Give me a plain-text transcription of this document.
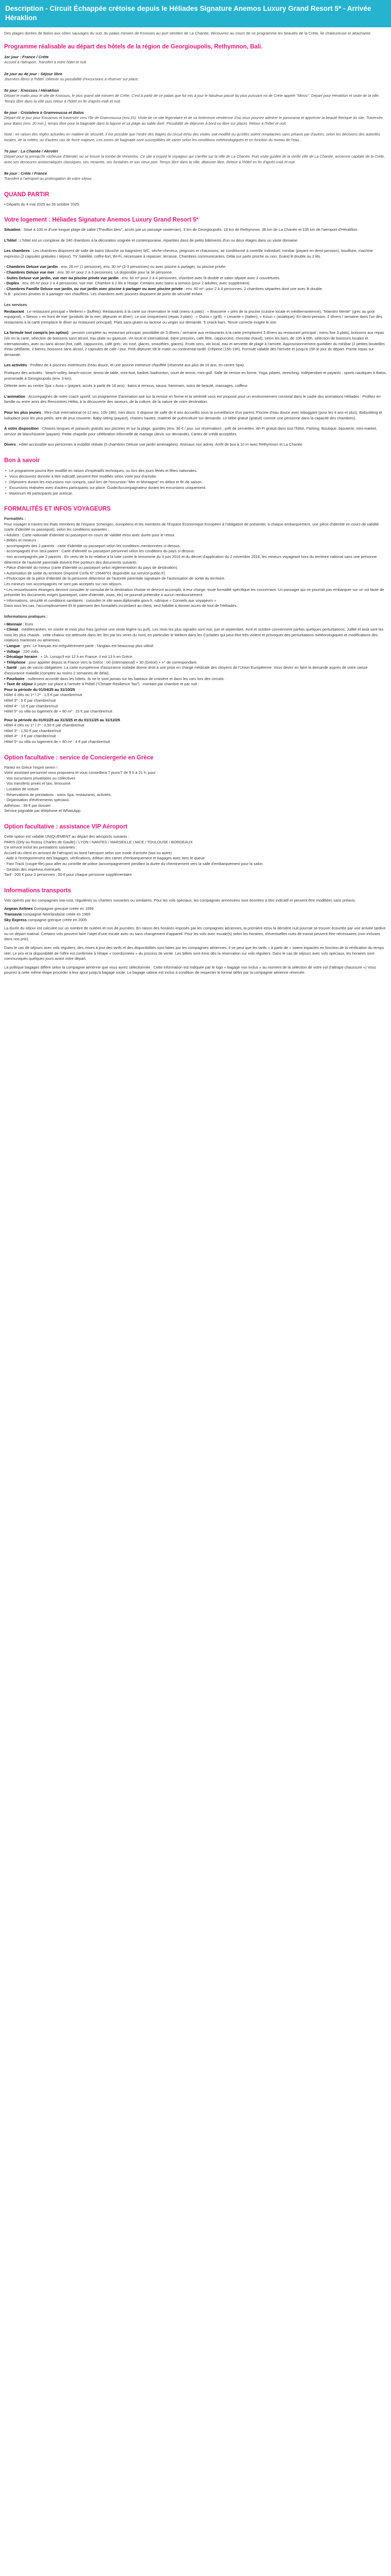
Description - Circuit Échappée crétoise depuis le Héliades Signature Anemos Luxury Grand Resort 5* - Arrivée Héraklion
Des plages dorées de Balos aux côtes sauvages du sud, du palais minoen de Knossos au port vénitien de La Chanée, découvrez au cours de ce programme les beautés de la Crète, lle chaleureuse et attachante.
Programme réalisable au départ des hôtels de la région de Georgioupolis, Rethymnon, Bali.
1er jour : France / Crète
Accueil à l'aéroport. Transfert à votre hôtel et nuit.
2e jour au 4e jour : Séjour libre
Journées libres à l'hôtel. Détente ou possibilité d'excursions à réserver sur place.
5e jour : Knossos / Héraklion
Départ le matin pour le site de Knossos, le plus grand site minoen de Crète. C'est à partir de ce palais que fut mis à jour le fabuleux passé du plus puissant roi de Crète appelé "Minos". Départ pour Héraklion et visite de la ville. Temps libre dans la ville puis retour à l'hôtel en fin d'après-midi et nuit.
6e jour : Cristalera à Gramvoussa et Balos
Départ tôt le jour pour Kissamos et traversée vers l'île de Gramvoussa (env.1h). Visite de ce site légendaire et de sa forteresse vénitienne d'où vous pourrez admirer le panorama et apprécier la beauté féerique du site. Traversée pour Balos (env. 20 min.), temps libre pour la baignade dans la lagune et sa plage au sable doré. Possibilité de déjeuner à bord ou libre sur place). Retour à l'hôtel et nuit.
Note : en raison des règles actuelles en matière de sécurité, il est possible que l'ordre des étapes du circuit et/ou des visites soit modifié ou qu'elles soient remplacées sans préavis par d'autres, selon les décisions des autorités locales, de la météo, ou d'autres cas de force majeure. Les zones de baignade sont susceptibles de varier selon les conditions météorologiques et en fonction du niveau de l'eau...
7e jour : La Chanée / Akrotiri
Départ pour la presqu'île rocheuse d'Akrotiri, où se trouve la tombe de Venizelos. Ce site a inspiré le voyageur qui s'arrête sur la ville de La Chanée. Puis visite guidée de la vieille ville de La Chanée, ancienne capitale de la Crète, avec ses demeures aristocratiques classiques, ses minarets, ses fontaines et son vieux port. Temps libre dans la ville, déjeuner libre. Retour à l'hôtel en fin d'après-midi et nuit.
8e jour : Crète / France
Transfert à l'aéroport ou prolongation de votre séjour.
QUAND PARTIR

• Départs du 4 mai 2025 au 26 octobre 2025.

Votre logement : Héliades Signature Anemos Luxury Grand Resort 5*

Situation : Situé à 100 m d'une longue plage de sable ("Pavillon bleu", accès par un passage souterrain), 3 km de Georgioupolis, 19 km de Rethymnon, 36 km de La Chanée et 105 km de l'aéroport d'Héraklion.

L'hôtel : L'hôtel est un complexe de 240 chambres à la décoration soignée et contemporaine, répartites dans de petits bâtiments d'un ou deux étages dans un vaste domaine.

Les chambres : Les chambres disposent de salle de bains (douche ou baignoire) WC, sèche-cheveux, peignoirs et chaussons, air conditionné à contrôle individuel, minibar (payant en demi-pension), bouilloire, machine expresso (2 capsules gratuites / séjour), TV Satellite, coffre-fort, Wi-Fi, nécessaire à repasser, terrasse. Chambres communicantes. Délai sur partir proche ou non. Grand lit double ou 2 lits.

- Chambres Deluxe vue jardin : env. 26 m² (1 personne), env. 30 m² (2-3 personnes) ou avec piscine à partager, ou piscine privée.
- Chambres Deluxe vue mer : env. 30 m² pour 2 à 3 personnes. Lit disponible pour la 3è personne.
- Suites Deluxe vue jardin, vue mer ou piscine privée vue jardin : env. 60 m² pour 2 à 4 personnes, chambre avec lit double et salon séparé avec 2 couvertures.
- Duplex : env. 65 m² pour 2 à 4 personnes, vue mer. Chambre à 2 lits à l'étage. Certains avec bains a remous (pour 2 adultes, avec supplément).
- Chambres Famille Deluxe vue jardin, ou vue jardin avec piscine à partager ou avec piscine privée : env. 60 m², pour 2 à 4 personnes, 2 chambres séparées dont une avec lit double.
N.B : piscines privées et à partager non chauffées. Les chambres avec piscines disposent de porte de sécurité enfant.
Les services

Restaurant : Le restaurant principal « Meltemi » (buffets). Restaurants à la carte sur réservation le midi (menu à plats) : « Brasserie » près de la piscine (cuisine locale et méditerranéenne), "Maestro Mente" (grec au goût espagnol), « Siesco » en front de mer (produits de la mer, déjeuner et dîner). Le soir uniquement (repas 3 plats) : « Ostria » (grill), « Levante » (Italien), « Kouzi » (asiatique). En demi-pension, 2 dîners / semaine dans l'un des restaurants à la carte (remplace le dîner au restaurant principal). Plats sans gluten ou lactose ou vegan sur demande. 5 snack-bars. Tenue correcte exigée le soir.

La formule tout compris (en option) : pension complète au restaurant principal, possibilité de 3 dîners / semaine aux restaurants à la carte (remplacent 3 dîners au restaurant principal ; menu fixe 3 plats), boissons aux repas (vin en la carte, sélection de boissons sans alcool, eau plate ou gazeuse, vin local et international, bière pression, café filtre, cappuccino, chocolat chaud), selon les bars, de 10h à 00h, sélection de boissons locales et internationales, avec ou sans alcool (hot, café, cappuccino, café grec, vin rosé, glaces, smoothies, glaces). Fruits secs, vin local, eau et serviette de plage à l'arrivée. Approvisionnement quotidien du minibar (2 petites bouteilles d'eau pétillante, 2 bières, boissons sans alcool, 2 capsules de café / jour. Petit déjeuner tôt le matin ou continental tardif. Crêperie (15h-19h). Formule valable dès l'arrivée et jusqu'à 15h le jour du départ. Pointe repas sur demande.

Les activités : Profitez de 4 piscines extérieures d'eau douce, et une piscine intérieure chauffée (réservée aux plus de 16 ans, en centre Spa).

Pratiquez des activités : beach-volley, beach-soccer, tennis de table, mini-foot, basket, badminton, court de tennis, mini-golf. Salle de remise en forme. Yoga, pilates, stretching. Indépendant et payants : sports nautiques à Balos, promenade à Georgioupolis (env. 3 km).

Détente avec au centre Spa « Aura » (payant, accès à partir de 16 ans) : bains à remous, sauna, hammam, soins de beauté, massages, coiffeur.

L'animation : Accompagnés de notre coach sportif, un programme d'animation axé sur la remise en forme et la sérénité vous est proposé pour un environnement convivial dans le cadre des animations Héliades : Profitez en famille ou entre amis des Rencontres Héliia, à la découverte des saveurs, de la culture, de la nature de votre destination.

Pour les plus jeunes : Mini-club international (4-12 ans, 10h-18h), mini disco. Il dispose de salle de 4 ans accueillis sous la surveillance d'un parent. Piscine d'eau douce avec toboggant (pour les 4 ans et plus). Babysitting et ludoplace pour les plus petits, aire de jeux couverte. Baby-sitting (payant), chaises hautes, matériel de puériculture sur demande. Lit bébé gratuit (gratuit) comme une personne dans la capacité des chambres).

À votre disposition : Chaises longues et parasols gratuits aux piscines et sur la plage, guindes (env. 30 € / jour, sur réservation) ; prêt de serviettes. Wi-Fi gratuit dans tout l'hôtel. Parking. Boutique, bijouterie, mini-market, service de blanchisserie (payant). Petite chapelle pour célébration informelle de mariage (devis sur demande). Cartes de crédit acceptées.

Divers : Hôtel accessible aux personnes à mobilité réduite (5 chambres Deluxe vue jardin aménagées). Animaux non admis. Arrêt de bus à 10 m avec Rethymnon et La Chanée.

Bon à savoir
• Le programme pourra être modifié en raison d'impératifs techniques, ou lors des jours fériés et fêtes nationales.
• Vous découvrez donnée à titre indicatif, peuvent être modifiés selon votre jour d'arrivée.
• Déjeuners durant les excursions non compris, sauf lors de l'excursion "Mer et Montagne" en début et fin de saison.
• Excursions réalisées avec d'autres participants sur place. Guide/Accompagnateur durant les excursions uniquement.
• Maximum 49 participants par autocar.
FORMALITÉS ET INFOS VOYAGEURS
Formalités :
Pour voyager à travers les états membres de l'espace Schengen, européens et les membres de l'Espace Économique Européen à l'obligation de présenter, à chaque embarquement, une pièce d'identité en cours de validité (carte d'identité ou passeport), selon les conditions suivantes :
• Adultes : Carte nationale d'identité ou passeport en cours de validité et/ou avec durée pour le retour.
• Bébés et mineurs :
- accompagnés des 2 parents : carte d'identité ou passeport selon les conditions mentionnées ci-dessus.
- accompagnés d'un seul parent : Carte d'identité ou passeport personnel selon les conditions du pays ci-dessus.
- non accompagnés par 2 parents : En vertu de la loi relative à la lutte contre le terrorisme du 3 juin 2016 et du décret d'application du 2 novembre 2016, les mineurs voyageant hors du territoire national sans une personne détentrice de l'autorité parentale doivent être porteurs des documents suivants :
• Pièce d'identité du mineur (carte d'identité ou passeport selon réglementation du pays de destination)
• Autorisation de sortie du territoire (imprimé Cerfa N° 15646*01 disponible sur service-public.fr)
• Photocopie de la pièce d'identité de la personne détentrice de l'autorité parentale signataire de l'autorisation de sortie du territoire.
Les mineurs non accompagnés ne sont pas acceptés sur nos séjours.
• Les ressortissants étrangers devront consulter le consulat de la destination choisie et devront accomplir, à leur charge, toute formalité spécifique les concernant. Un passager qui ne pourrait pas embarquer sur un vol faute de présenter les documents exigés (passeport, carte d'identité, visas, etc) ne pourrait prétendre à aucun remboursement.
• Informations, sécurité et conditions sanitaires : consulter le site www.diplomatie.gouv.fr, rubrique « Conseils aux voyageurs »
Dans tous les cas, l'accomplissement Et le paiement des formalités incombent au client, seul habilité à donner accès de tout de l'Héliades.
Informations pratiques :
• Monnaie : Euro
• Climat : méditerranéen, en soirée et mois plus frais (prévoir une veste légère ou pull). Les mois les plus signalés sont mai, juin et septembre. Avril et octobre conviennent parfois quelques perturbations. Juillet et août sont les mois les plus chauds ; cette chaleur est atténuée dans les îles par les vents du nord, en particulier le Meltem dans les Cyclades qui peut être très violent et provoquer des perturbations météorologiques et modifications des rotations maritimes ou aériennes.
• Langue : grec. Le français est irrégulièrement parlé ; l'anglais est beaucoup plus utilisé.
• Voltage : 220 volts.
• Décalage horaire : + 1h. Lorsqu'il est 12 h en France, il est 13 h en Grèce.
• Téléphone : pour appeler depuis la France vers la Grèce : 00 (international) + 30 (Grèce) + n° de correspondant.
• Santé : pas de vaccin obligatoire. La carte européenne d'assurance maladie donne droit à une prise en charge médicale des citoyens de l'Union Européenne. Vous devez en faire la demande auprès de votre caisse d'assurance maladie (comptez au moins 2 semaines de délai).
• Pourboire : nullement accordé dans les hôtels, ils ne le sont jamais sur les bateaux de croisière et dans les cars lors des circuits.
• Taxe de séjour à payer sur place à l'arrivée à l'hôtel ("Climate Resilience Tax") : montant par chambre et par nuit :
Pour la période du 01/04/25 au 31/10/25
Hôtel 4 clés ou 1* / 2* : 1,5 € par chambre/nuit
Hôtel 3* : 5 € par chambre/nuit
Hôtel 4* : 10 € par chambre/nuit
Hôtel 5* ou villa ou logement de + 80 m² : 15 € par chambre/nuit
Pour la période du 01/01/25 au 31/3/25 et du 01/11/25 au 31/12/25
Hôtel 4 clés ou 1* / 2* : 0,50 € par chambre/nuit
Hôtel 3* : 1,50 € par chambre/nuit
Hôtel 4* : 3 € par chambre/nuit
Hôtel 5* ou villa ou logement de + 80 m² : 4 € par chambre/nuit
Option facultative : service de Conciergerie en Grèce
Partez en Grèce l'esprit serein !
Votre assistant personnel vous proposera et vous conseillera 7 jours/7 de 9 h à 21 h, pour :
- Vos excursions privatisées ou collectives
- Vos transferts privés et taxi, limousine
- Location de voiture
- Réservations de prestations : soins Spa, restaurants, activités.
- Organisation d'événements spéciaux.
Adhésion : 39 € par dossier.
Service joignable par téléphone et WhatsApp.
Option facultative : assistance VIP Aéroport
Cette option est valable UNIQUEMENT au départ des aéroports suivants :
PARIS (Orly ou Roissy Charles de Gaulle) / LYON / NANTES / MARSEILLE / NICE / TOULOUSE / BORDEAUX
Ce service inclut les prestations suivantes :
Accueil du client en arrivant de l'aéroport au bord l'aéroport selon son mode d'arrivée (taxi ou autre)
- Aide à l'enregistrement des bagages, vérifications, édition des cartes d'embarquement et bagages avec tiers le queue
- Fast Track (coupe-file) pour aller au contrôle de police (accompagnement pendant la durée du cheminement vers la salle d'embarquement pour la salon
- Gestion des imprévus éventuels
Tarif : 200 € pour 2 personnes ; 50 € pour chaque personne supplémentaire
Informations transports
Vols opérés par les compagnies low-cost, régulières ou charters suivantes ou similaires. Pour les vols spéciaux, les compagnies annoncées sont données à titre indicatif et peuvent être modifiées sans préavis.
Aegean Airlines Compagnie grecque créée en 1999
Transavia compagnie Néerlandaise créée en 1965
Sky Express compagnie grecque créée en 2005
La durée du séjour est calculée sur un nombre de nuitées et non de journées. En raison des horaires imposés par les compagnies aériennes, la première et/ou la dernière nuit pourrait se trouver écourtée par une arrivée tardive ou un départ matinal. Certains vols peuvent faire l'objet d'une escale avec ou sans changement d'appareil. Pour les vols avec escale(s) selon les horaires, d'éventuelles nuits de transit peuvent être nécessaires (non incluses dans nos prix).
Dans le cas de séjours avec vols réguliers, des mises à jour des tarifs et des disponibilités sont faites par les compagnies aériennes. Il se peut que les tarifs « à partir de » soient impactés en fonction de la vérification du temps réel. Le prix et la disponibilité de l'offre est confirmée à l'étape « coordonnées » du process de vente. Les billets sont émis dès la réservation sur vols réguliers. Dans le cas de séjours avec vols spéciaux, les horaires sont communiqués quelques jours avant votre départ.
La politique bagages diffère selon la compagnie aérienne que vous aurez sélectionnée : Cette information est indiquée par le logo « bagage non inclus » au moment de la sélection de votre vol (l'attrape chaussure ») Vous pourrez à cette même étape procéder à leur ajout jusqu'à bagage soute. Le bagage cabine est inclus à condition de respecter le format défini par la compagnie aérienne réservée.
